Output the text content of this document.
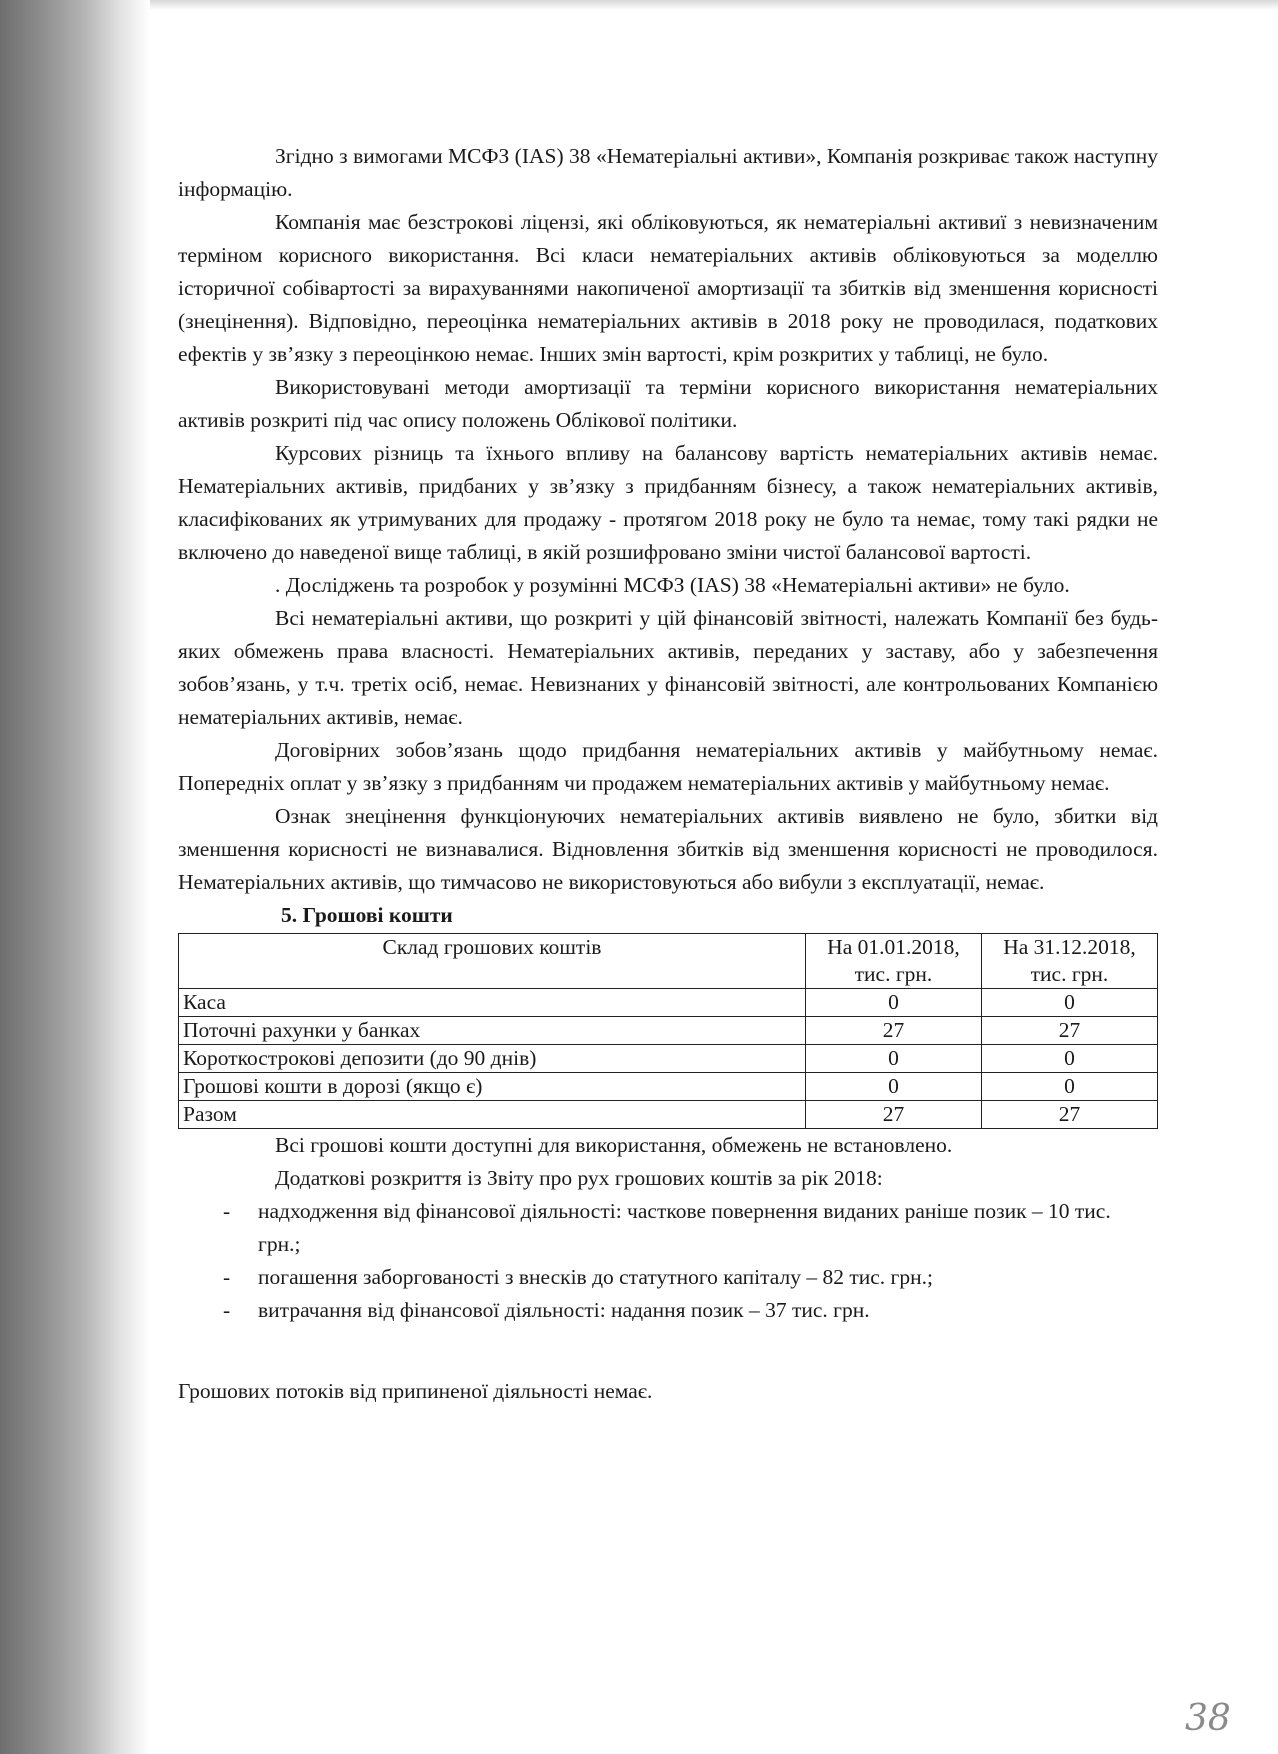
Згідно з вимогами МСФЗ (IAS) 38 «Нематеріальні активи», Компанія розкриває також наступну інформацію.

Компанія має безстрокові ліцензі, які обліковуються, як нематеріальні активиї з невизначеним терміном корисного використання. Всі класи нематеріальних активів обліковуються за моделлю історичної собівартості за вирахуваннями накопиченої амортизації та збитків від зменшення корисності (знецінення). Відповідно, переоцінка нематеріальних активів в 2018 року не проводилася, податкових ефектів у зв’язку з переоцінкою немає. Інших змін вартості, крім розкритих у таблиці, не було.

Використовувані методи амортизації та терміни корисного використання нематеріальних активів розкриті під час опису положень Облікової політики.

Курсових різниць та їхнього впливу на балансову вартість нематеріальних активів немає. Нематеріальних активів, придбаних у зв’язку з придбанням бізнесу, а також нематеріальних активів, класифікованих як утримуваних для продажу - протягом 2018 року не було та немає, тому такі рядки не включено до наведеної вище таблиці, в якій розшифровано зміни чистої балансової вартості.

. Досліджень та розробок у розумінні МСФЗ (IAS) 38 «Нематеріальні активи» не було.

Всі нематеріальні активи, що розкриті у цій фінансовій звітності, належать Компанії без будь-яких обмежень права власності. Нематеріальних активів, переданих у заставу, або у забезпечення зобов’язань, у т.ч. третіх осіб, немає. Невизнаних у фінансовій звітності, але контрольованих Компанією нематеріальних активів, немає.

Договірних зобов’язань щодо придбання нематеріальних активів у майбутньому немає. Попередніх оплат у зв’язку з придбанням чи продажем нематеріальних активів у майбутньому немає.

Ознак знецінення функціонуючих нематеріальних активів виявлено не було, збитки від зменшення корисності не визнавалися. Відновлення збитків від зменшення корисності не проводилося. Нематеріальних активів, що тимчасово не використовуються або вибули з експлуатації, немає.

5. Грошові кошти

Склад грошових коштів	На 01.01.2018, тис. грн.	На 31.12.2018, тис. грн.
Каса	0	0
Поточні рахунки у банках	27	27
Короткострокові депозити (до 90 днів)	0	0
Грошові кошти в дорозі (якщо є)	0	0
Разом	27	27

Всі грошові кошти доступні для використання, обмежень не встановлено.

Додаткові розкриття із Звіту про рух грошових коштів за рік 2018:

- надходження від фінансової діяльності: часткове повернення виданих раніше позик – 10 тис. грн.;
- погашення заборгованості з внесків до статутного капіталу – 82 тис. грн.;
- витрачання від фінансової діяльності: надання позик – 37 тис. грн.

Грошових потоків від припиненої діяльності немає.

38
